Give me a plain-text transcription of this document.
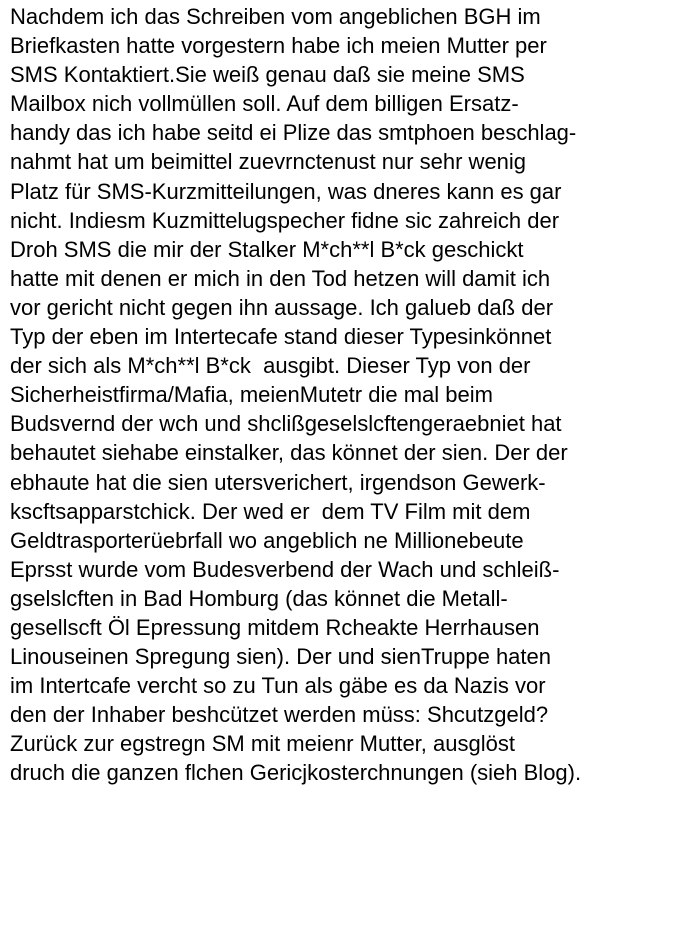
Nachdem ich das Schreiben vom angeblichen BGH im
Briefkasten hatte vorgestern habe ich meien Mutter per
SMS Kontaktiert.Sie weiß genau daß sie meine SMS
Mailbox nich vollmüllen soll. Auf dem billigen Ersatz-
handy das ich habe seitd ei Plize das smtphoen beschlag-
nahmt hat um beimittel zuevrnctenust nur sehr wenig
Platz für SMS-Kurzmitteilungen, was dneres kann es gar
nicht. Indiesm Kuzmittelugspecher fidne sic zahreich der
Droh SMS die mir der Stalker M*ch**l B*ck geschickt
hatte mit denen er mich in den Tod hetzen will damit ich
vor gericht nicht gegen ihn aussage. Ich galueb daß der
Typ der eben im Intertecafe stand dieser Typesinkönnet
der sich als M*ch**l B*ck  ausgibt. Dieser Typ von der
Sicherheistfirma/Mafia, meienMutetr die mal beim
Budsvernd der wch und shclißgeselslcftengeraebniet hat
behautet siehabe einstalker, das könnet der sien. Der der
ebhaute hat die sien utersverichert, irgendson Gewerk-
kscftsapparstchick. Der wed er  dem TV Film mit dem
Geldtrasporterüebrfall wo angeblich ne Millionebeute
Eprsst wurde vom Budesverbend der Wach und schleiß-
gselslcften in Bad Homburg (das könnet die Metall-
gesellscft Öl Epressung mitdem Rcheakte Herrhausen
Linouseinen Spregung sien). Der und sienTruppe haten
im Intertcafe vercht so zu Tun als gäbe es da Nazis vor
den der Inhaber beshcützet werden müss: Shcutzgeld?
Zurück zur egstregn SM mit meienr Mutter, ausglöst
druch die ganzen flchen Gericjkosterchnungen (sieh Blog).
